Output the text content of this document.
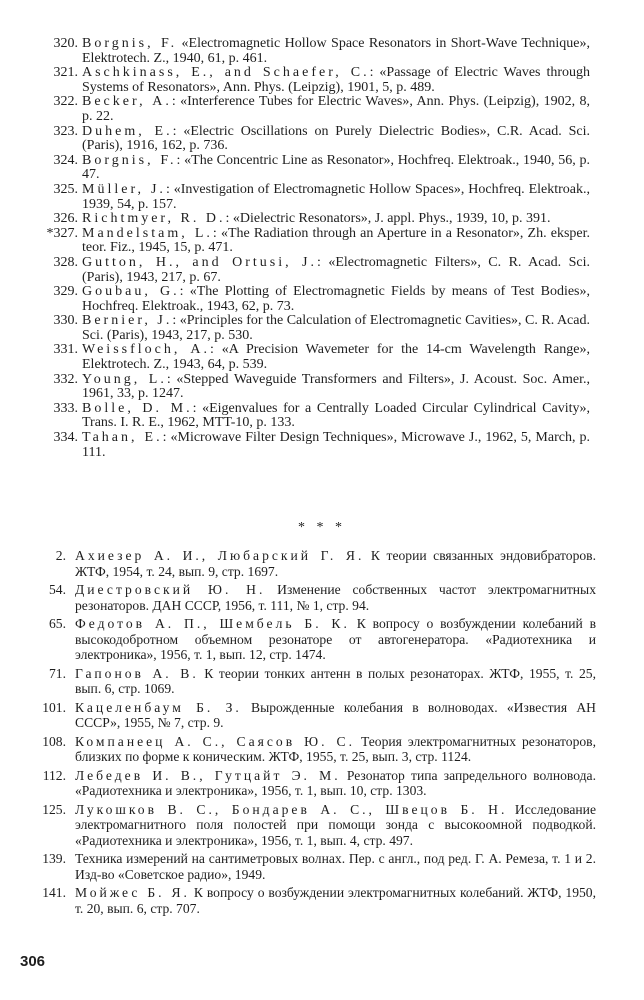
320. Borgnis, F. «Electromagnetic Hollow Space Resonators in Short-Wave Technique», Elektrotech. Z., 1940, 61, p. 461.
321. Aschkinass, E., and Schaefer, C.: «Passage of Electric Waves through Systems of Resonators», Ann. Phys. (Leipzig), 1901, 5, p. 489.
322. Becker, A.: «Interference Tubes for Electric Waves», Ann. Phys. (Leipzig), 1902, 8, p. 22.
323. Duhem, E.: «Electric Oscillations on Purely Dielectric Bodies», C.R. Acad. Sci. (Paris), 1916, 162, p. 736.
324. Borgnis, F.: «The Concentric Line as Resonator», Hochfreq. Elektroak., 1940, 56, p. 47.
325. Müller, J.: «Investigation of Electromagnetic Hollow Spaces», Hochfreq. Elektroak., 1939, 54, p. 157.
326. Richtmyer, R. D.: «Dielectric Resonators», J. appl. Phys., 1939, 10, p. 391.
*327. Mandelstam, L.: «The Radiation through an Aperture in a Resonator», Zh. eksper. teor. Fiz., 1945, 15, p. 471.
328. Gutton, H., and Ortusi, J.: «Electromagnetic Filters», C. R. Acad. Sci. (Paris), 1943, 217, p. 67.
329. Goubau, G.: «The Plotting of Electromagnetic Fields by means of Test Bodies», Hochfreq. Elektroak., 1943, 62, p. 73.
330. Bernier, J.: «Principles for the Calculation of Electromagnetic Cavities», C. R. Acad. Sci. (Paris), 1943, 217, p. 530.
331. Weissfloch, A.: «A Precision Wavemeter for the 14-cm Wavelength Range», Elektrotech. Z., 1943, 64, p. 539.
332. Young, L.: «Stepped Waveguide Transformers and Filters», J. Acoust. Soc. Amer., 1961, 33, p. 1247.
333. Bolle, D. M.: «Eigenvalues for a Centrally Loaded Circular Cylindrical Cavity», Trans. I. R. E., 1962, MTT-10, p. 133.
334. Tahan, E.: «Microwave Filter Design Techniques», Microwave J., 1962, 5, March, p. 111.
* * *
2. Ахиезер А. И., Любарский Г. Я. К теории связанных эндовибраторов. ЖТФ, 1954, т. 24, вып. 9, стр. 1697.
54. Диестровский Ю. Н. Изменение собственных частот электромагнитных резонаторов. ДАН СССР, 1956, т. 111, № 1, стр. 94.
65. Федотов А. П., Шембель Б. К. К вопросу о возбуждении колебаний в высокодобротном объемном резонаторе от автогенератора. «Радиотехника и электроника», 1956, т. 1, вып. 12, стр. 1474.
71. Гапонов А. В. К теории тонких антенн в полых резонаторах. ЖТФ, 1955, т. 25, вып. 6, стр. 1069.
101. Кацеленбаум Б. З. Вырожденные колебания в волноводах. «Известия АН СССР», 1955, № 7, стр. 9.
108. Компанеец А. С., Саясов Ю. С. Теория электромагнитных резонаторов, близких по форме к коническим. ЖТФ, 1955, т. 25, вып. 3, стр. 1124.
112. Лебедев И. В., Гутцайт Э. М. Резонатор типа запредельного волновода. «Радиотехника и электроника», 1956, т. 1, вып. 10, стр. 1303.
125. Лукошков В. С., Бондарев А. С., Швецов Б. Н. Исследование электромагнитного поля полостей при помощи зонда с высокоомной подводкой. «Радиотехника и электроника», 1956, т. 1, вып. 4, стр. 497.
139. Техника измерений на сантиметровых волнах. Пер. с англ., под ред. Г. А. Ремеза, т. 1 и 2. Изд-во «Советское радио», 1949.
141. Мойжес Б. Я. К вопросу о возбуждении электромагнитных колебаний. ЖТФ, 1950, т. 20, вып. 6, стр. 707.
306
